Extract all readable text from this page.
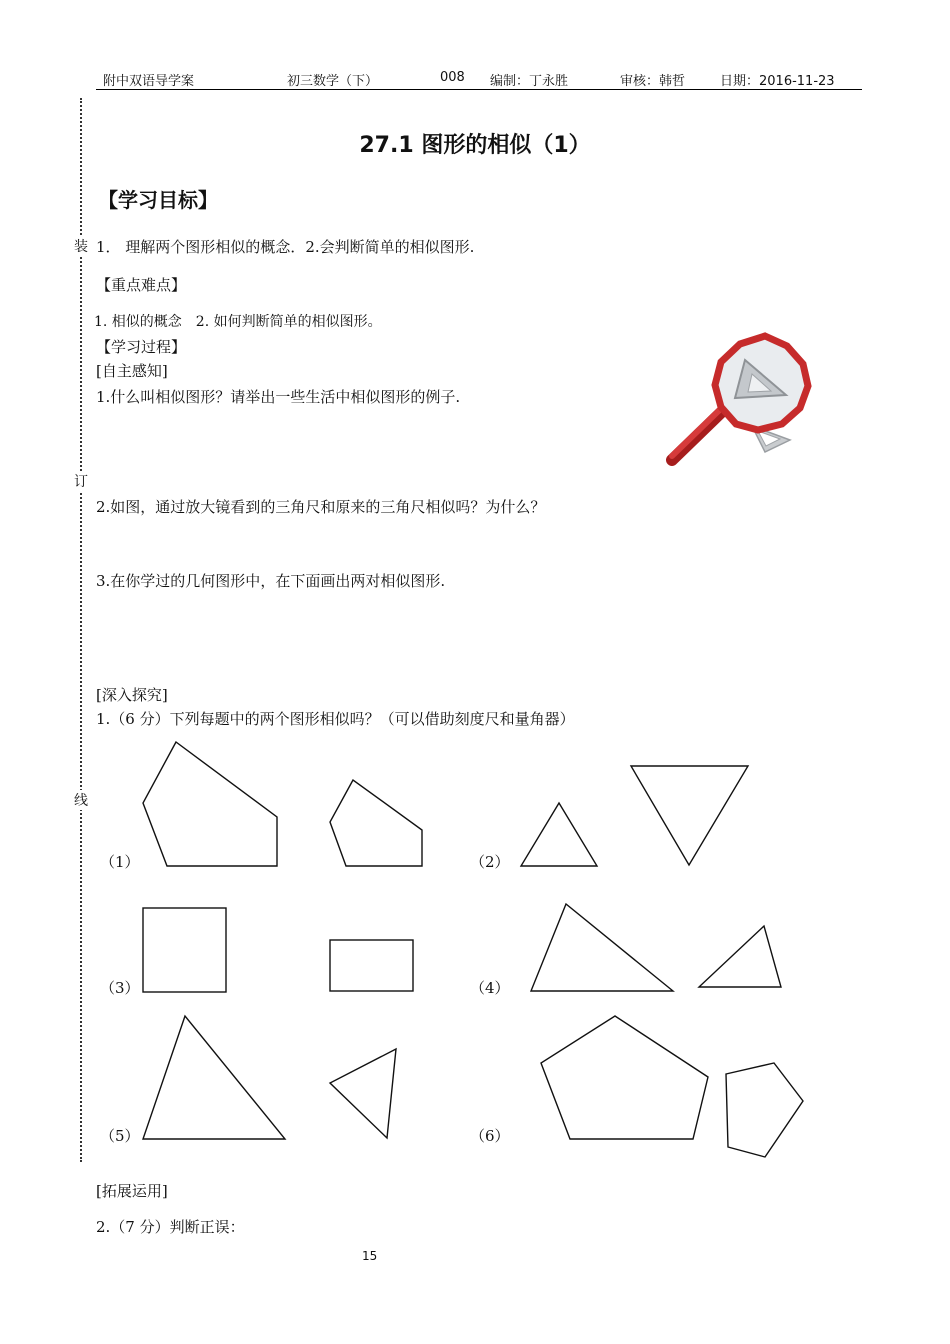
附中双语导学案	初三数学（下）	008 编制：丁永胜	审核：韩哲	日期：2016-11-23
装
订
线
27.1 图形的相似（1）
【学习目标】
1． 理解两个图形相似的概念．2.会判断简单的相似图形.
【重点难点】
1. 相似的概念　2. 如何判断简单的相似图形。
【学习过程】
[自主感知]
1.什么叫相似图形？请举出一些生活中相似图形的例子.
2.如图，通过放大镜看到的三角尺和原来的三角尺相似吗？为什么？
3.在你学过的几何图形中，在下面画出两对相似图形.
[深入探究]
1.（6 分）下列每题中的两个图形相似吗？（可以借助刻度尺和量角器）
（1）	（2）
（3）	（4）
（5）	（6）
[拓展运用]
2.（7 分）判断正误：
15
